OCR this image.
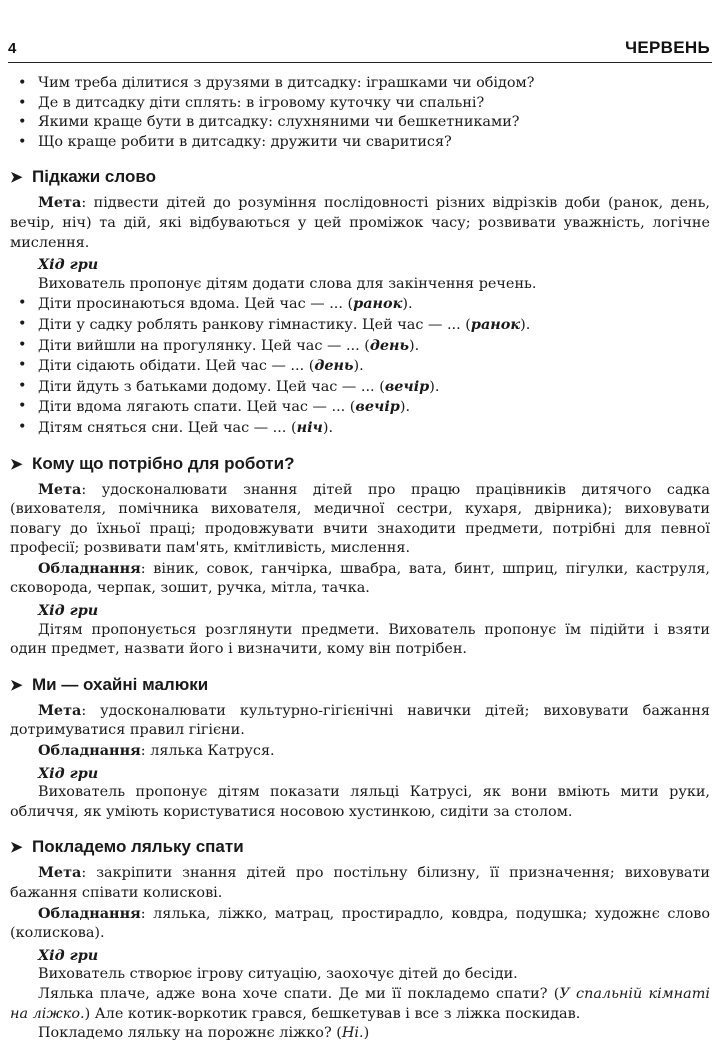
4	ЧЕРВЕНЬ
• Чим треба ділитися з друзями в дитсадку: іграшками чи обідом?
• Де в дитсадку діти сплять: в ігровому куточку чи спальні?
• Якими краще бути в дитсадку: слухняними чи бешкетниками?
• Що краще робити в дитсадку: дружити чи сваритися?
➤ Підкажи слово

Мета: підвести дітей до розуміння послідовності різних відрізків доби (ранок, день, вечір, ніч) та дій, які відбуваються у цей проміжок часу; розвивати уважність, логічне мислення.

Хід гри

Вихователь пропонує дітям додати слова для закінчення речень.

• Діти просинаються вдома. Цей час — ... (ранок).
• Діти у садку роблять ранкову гімнастику. Цей час — ... (ранок).
• Діти вийшли на прогулянку. Цей час — ... (день).
• Діти сідають обідати. Цей час — ... (день).
• Діти йдуть з батьками додому. Цей час — ... (вечір).
• Діти вдома лягають спати. Цей час — ... (вечір).
• Дітям сняться сни. Цей час — ... (ніч).
➤ Кому що потрібно для роботи?

Мета: удосконалювати знання дітей про працю працівників дитячого садка (вихователя, помічника вихователя, медичної сестри, кухаря, двірника); виховувати повагу до їхньої праці; продовжувати вчити знаходити предмети, потрібні для певної професії; розвивати пам'ять, кмітливість, мислення.

Обладнання: віник, совок, ганчірка, швабра, вата, бинт, шприц, пігулки, каструля, сковорода, черпак, зошит, ручка, мітла, тачка.

Хід гри

Дітям пропонується розглянути предмети. Вихователь пропонує їм підійти і взяти один предмет, назвати його і визначити, кому він потрібен.

➤ Ми — охайні малюки

Мета: удосконалювати культурно-гігієнічні навички дітей; виховувати бажання дотримуватися правил гігієни.

Обладнання: лялька Катруся.

Хід гри

Вихователь пропонує дітям показати ляльці Катрусі, як вони вміють мити руки, обличчя, як уміють користуватися носовою хустинкою, сидіти за столом.

➤ Покладемо ляльку спати

Мета: закріпити знання дітей про постільну білизну, її призначення; виховувати бажання співати колискові.

Обладнання: лялька, ліжко, матрац, простирадло, ковдра, подушка; художнє слово (колискова).

Хід гри

Вихователь створює ігрову ситуацію, заохочує дітей до бесіди.

Лялька плаче, адже вона хоче спати. Де ми її покладемо спати? (У спальній кімнаті на ліжко.) Але котик-воркотик грався, бешкетував і все з ліжка поскидав.

Покладемо ляльку на порожнє ліжко? (Ні.)
